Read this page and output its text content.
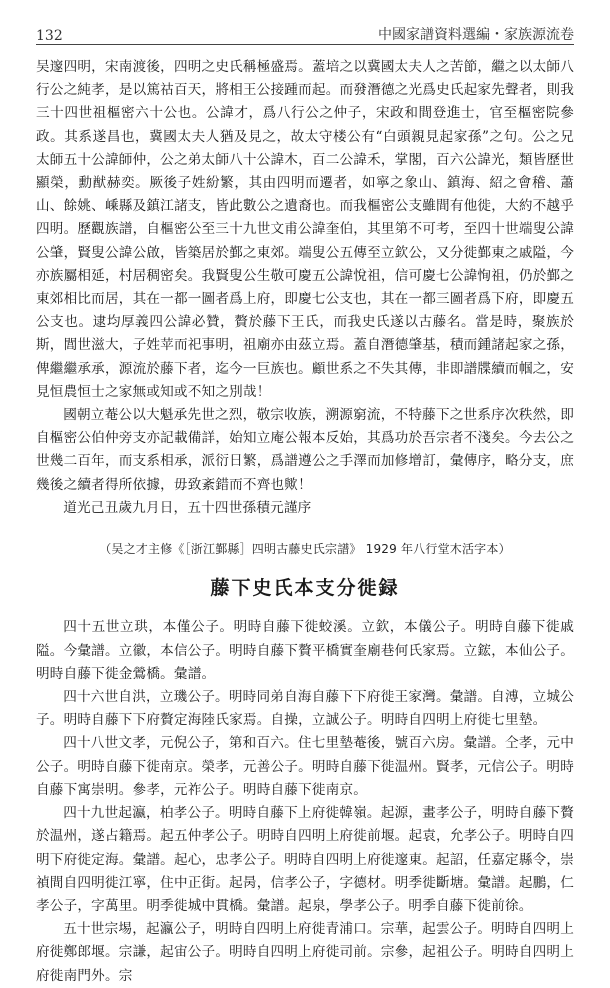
132	中國家譜資料選編・家族源流卷

吴邃四明，宋南渡後，四明之史氏稱極盛焉。蓋培之以冀國太夫人之苦節，繼之以太師八行公之純孝，是以篤祜百天，將相王公接踵而起。而發潛德之光爲史氏起家先聲者，則我三十四世祖樞密六十公也。公諱才，爲八行公之仲子，宋政和間登進士，官至樞密院參政。其系遂昌也，冀國太夫人猶及見之，故太守楼公有“白頭親見起家孫”之句。公之兄太師五十公諱師仲，公之弟太師八十公諱木，百二公諱禾，掌閣，百六公諱光，類皆歷世顯榮，勳猷赫奕。厥後子姓紛繁，其由四明而遷者，如寧之象山、鎮海、紹之會稽、蕭山、餘姚、嵊縣及鎮江諸支，皆此數公之遺裔也。而我樞密公支雖間有他徙，大約不越乎四明。歷觀族譜，自樞密公至三十九世文甫公諱奎伯，其里第不可考，至四十世端叟公諱公肇，賢叟公諱公啟，皆築居於鄞之東郊。端叟公五傳至立欽公，又分徙鄞東之戚隘，今亦族屬相延，村居稠密矣。我賢叟公生敬可慶五公諱悅祖，信可慶七公諱恂祖，仍於鄞之東郊相比而居，其在一都一圖者爲上府，即慶七公支也，其在一都三圖者爲下府，即慶五公支也。逮均厚義四公諱必贊，贅於藤下王氏，而我史氏遂以古藤名。當是時，聚族於斯，閭世滋大，子姓苹而祀事明，祖廟亦由茲立焉。蓋自潛德肇基，積而鍾諸起家之孫，俾繼繼承承，源流於藤下者，迄今一巨族也。顧世系之不失其傳，非即譜牒續而帼之，安見恒農恒士之家無或知或不知之別哉！

國朝立菴公以大魁承先世之烈，敬宗收族，溯源窮流，不特藤下之世系序次秩然，即自樞密公伯仲旁支亦記載備詳，始知立庵公報本反始，其爲功於吾宗者不淺矣。今去公之世幾二百年，而支系相承，派衍日繁，爲譜遵公之手澤而加修增訂，彙傳序，略分支，庶幾後之續者得所依據，毋致紊錯而不齊也歟！

道光己丑歲九月日，五十四世孫積元謹序

（吴之才主修《［浙江鄞縣］四明古藤史氏宗譜》 1929 年八行堂木活字本）

藤下史氏本支分徙録

四十五世立珙，本僅公子。明時自藤下徙蛟溪。立欽，本儀公子。明時自藤下徙戚隘。今彙譜。立徽，本信公子。明時自藤下贅平橋實奎廟巷何氏家焉。立鋐，本仙公子。明時自藤下徙金鶯橋。彙譜。

四十六世自洪，立璣公子。明時同弟自海自藤下下府徙王家灣。彙譜。自溥，立城公子。明時自藤下下府贅定海陸氏家焉。自操，立誠公子。明時自四明上府徙七里墊。

四十八世文孝，元倪公子，第和百六。住七里墊菴後，號百六房。彙譜。仝孝，元中公子。明時自藤下徙南京。榮孝，元善公子。明時自藤下徙温州。賢孝，元信公子。明時自藤下寓崇明。參孝，元祚公子。明時自藤下徙南京。

四十九世起瀛，柏孝公子。明時自藤下上府徙韓嶺。起源，畫孝公子，明時自藤下贅於温州，遂占籍焉。起五仲孝公子。明時自四明上府徙前堰。起袁，允孝公子。明時自四明下府徙定海。彙譜。起心，忠孝公子。明時自四明上府徙邃東。起詔，任嘉定縣令，崇禎間自四明徙江寧，住中正街。起昺，信孝公子，字德材。明季徙斷塘。彙譜。起鵬，仁孝公子，字萬里。明季徙城中貫橋。彙譜。起泉，學孝公子。明季自藤下徙前徐。

五十世宗埸，起瀛公子，明時自四明上府徙青浦口。宗華，起雲公子。明時自四明上府徙鄭郎堰。宗謙，起宙公子。明時自四明上府徙司前。宗參，起祖公子。明時自四明上府徙南門外。宗
